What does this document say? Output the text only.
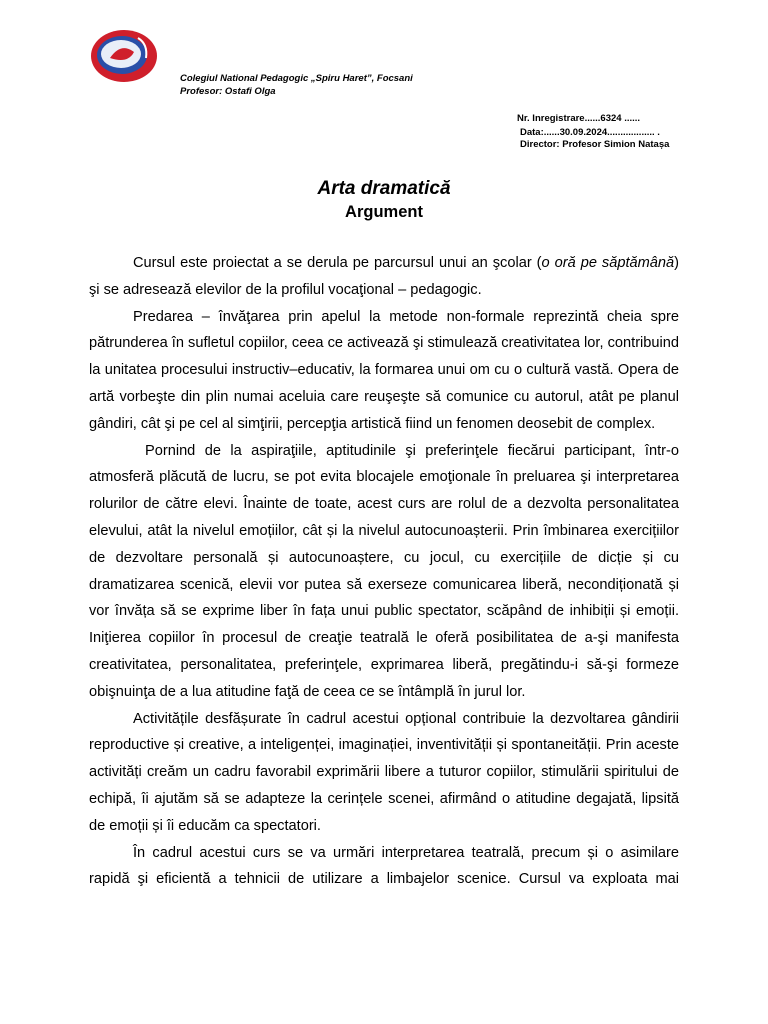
Colegiul National Pedagogic „Spiru Haret”, Focsani
Profesor: Ostafi Olga
Nr. Inregistrare......6324 ......
Data:......30.09.2024.................. .
Director: Profesor Simion Natașa
Arta dramatică
Argument

Cursul este proiectat a se derula pe parcursul unui an şcolar (o oră pe săptămână) şi se adresează elevilor de la profilul vocaţional – pedagogic.

Predarea – învăţarea prin apelul la metode non-formale reprezintă cheia spre pătrunderea în sufletul copiilor, ceea ce activează şi stimulează creativitatea lor, contribuind la unitatea procesului instructiv–educativ, la formarea unui om cu o cultură vastă. Opera de artă vorbeşte din plin numai aceluia care reuşeşte să comunice cu autorul, atât pe planul gândiri, cât şi pe cel al simţirii, percepţia artistică fiind un fenomen deosebit de complex.

Pornind de la aspiraţiile, aptitudinile şi preferinţele fiecărui participant, într-o atmosferă plăcută de lucru, se pot evita blocajele emoţionale în preluarea şi interpretarea rolurilor de către elevi. Înainte de toate, acest curs are rolul de a dezvolta personalitatea elevului, atât la nivelul emoțiilor, cât și la nivelul autocunoașterii. Prin îmbinarea exercițiilor de dezvoltare personală și autocunoaștere, cu jocul, cu exercițiile de dicție și cu dramatizarea scenică, elevii vor putea să exerseze comunicarea liberă, necondiționată și vor învăța să se exprime liber în fața unui public spectator, scăpând de inhibiții și emoții. Iniţierea copiilor în procesul de creaţie teatrală le oferă posibilitatea de a-şi manifesta creativitatea, personalitatea, preferinţele, exprimarea liberă, pregătindu-i să-şi formeze obişnuinţa de a lua atitudine faţă de ceea ce se întâmplă în jurul lor.

Activitățile desfășurate în cadrul acestui opțional contribuie la dezvoltarea gândirii reproductive și creative, a inteligenței, imaginației, inventivității și spontaneității. Prin aceste activități creăm un cadru favorabil exprimării libere a tuturor copiilor, stimulării spiritului de echipă, îi ajutăm să se adapteze la cerințele scenei, afirmând o atitudine degajată, lipsită de emoții și îi educăm ca spectatori.

În cadrul acestui curs se va urmări interpretarea teatrală, precum și o asimilare rapidă şi eficientă a tehnicii de utilizare a limbajelor scenice. Cursul va exploata mai
